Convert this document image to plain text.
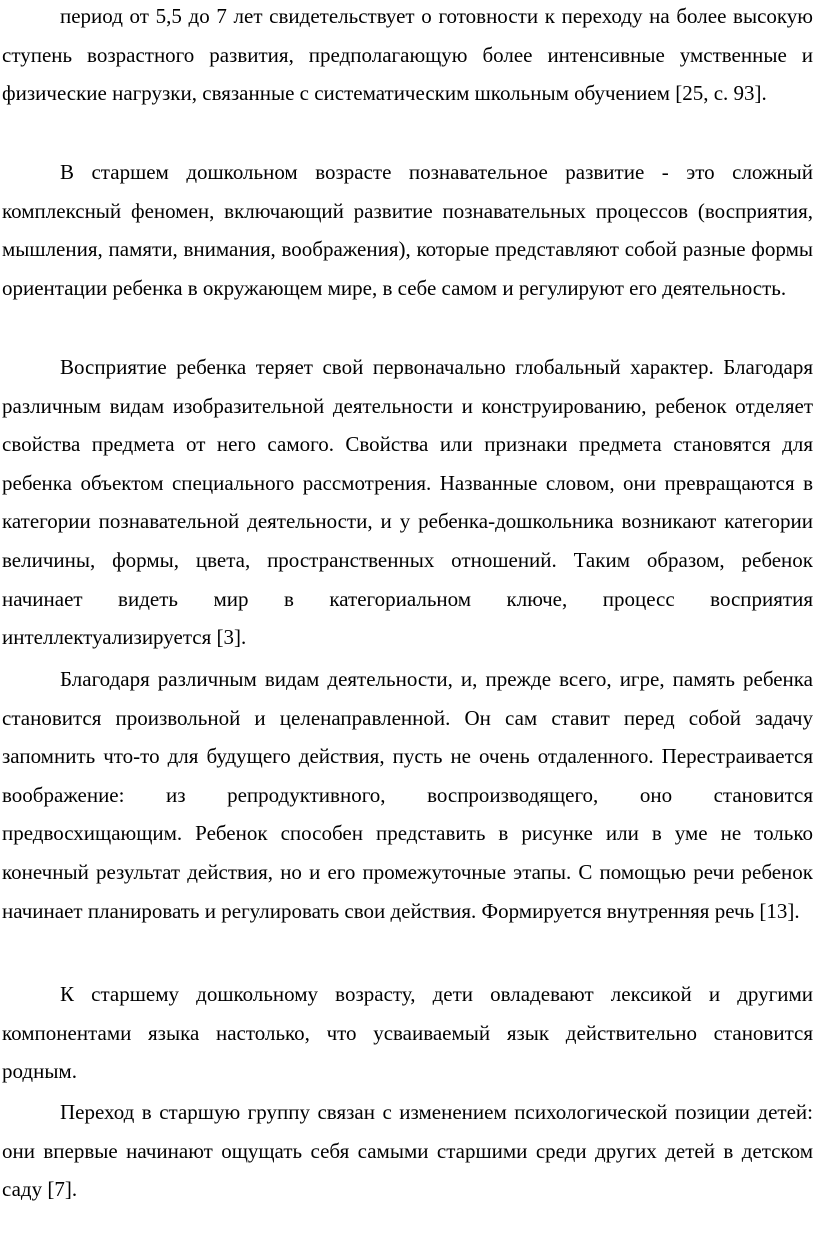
период от 5,5 до 7 лет свидетельствует о готовности к переходу на более высокую ступень возрастного развития, предполагающую более интенсивные умственные и физические нагрузки, связанные с систематическим школьным обучением [25, с. 93].

В старшем дошкольном возрасте познавательное развитие - это сложный комплексный феномен, включающий развитие познавательных процессов (восприятия, мышления, памяти, внимания, воображения), которые представляют собой разные формы ориентации ребенка в окружающем мире, в себе самом и регулируют его деятельность.

Восприятие ребенка теряет свой первоначально глобальный характер. Благодаря различным видам изобразительной деятельности и конструированию, ребенок отделяет свойства предмета от него самого. Свойства или признаки предмета становятся для ребенка объектом специального рассмотрения. Названные словом, они превращаются в категории познавательной деятельности, и у ребенка-дошкольника возникают категории величины, формы, цвета, пространственных отношений. Таким образом, ребенок начинает видеть мир в категориальном ключе, процесс восприятия интеллектуализируется [3].

Благодаря различным видам деятельности, и, прежде всего, игре, память ребенка становится произвольной и целенаправленной. Он сам ставит перед собой задачу запомнить что-то для будущего действия, пусть не очень отдаленного. Перестраивается воображение: из репродуктивного, воспроизводящего, оно становится предвосхищающим. Ребенок способен представить в рисунке или в уме не только конечный результат действия, но и его промежуточные этапы. С помощью речи ребенок начинает планировать и регулировать свои действия. Формируется внутренняя речь [13].

К старшему дошкольному возрасту, дети овладевают лексикой и другими компонентами языка настолько, что усваиваемый язык действительно становится родным.

Переход в старшую группу связан с изменением психологической позиции детей: они впервые начинают ощущать себя самыми старшими среди других детей в детском саду [7].
